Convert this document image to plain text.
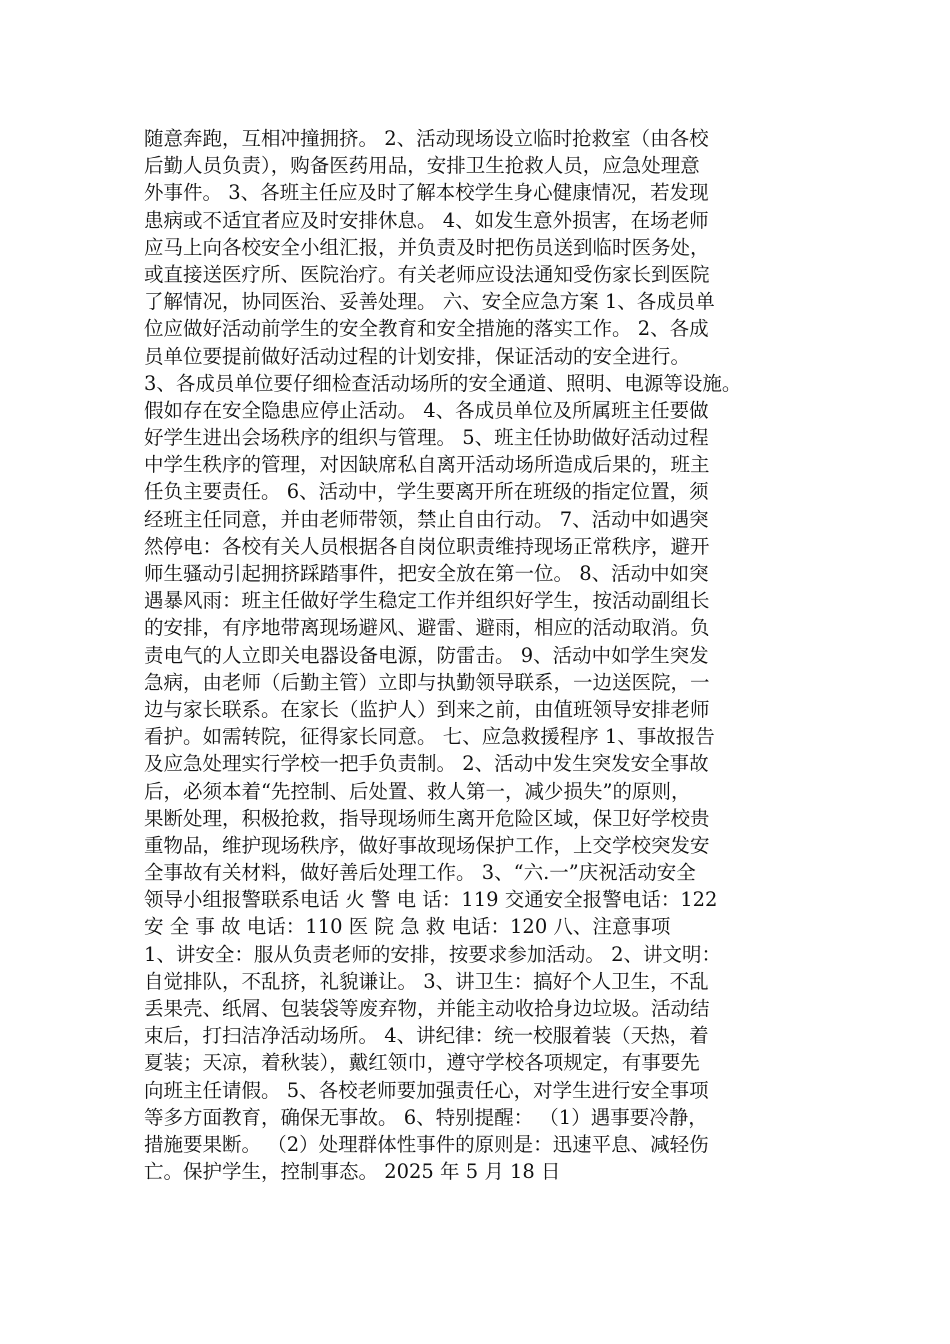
随意奔跑，互相冲撞拥挤。 2、活动现场设立临时抢救室（由各校
后勤人员负责），购备医药用品，安排卫生抢救人员，应急处理意
外事件。 3、各班主任应及时了解本校学生身心健康情况，若发现
患病或不适宜者应及时安排休息。 4、如发生意外损害，在场老师
应马上向各校安全小组汇报，并负责及时把伤员送到临时医务处，
或直接送医疗所、医院治疗。有关老师应设法通知受伤家长到医院
了解情况，协同医治、妥善处理。 六、安全应急方案 1、各成员单
位应做好活动前学生的安全教育和安全措施的落实工作。 2、各成
员单位要提前做好活动过程的计划安排，保证活动的安全进行。
3、各成员单位要仔细检查活动场所的安全通道、照明、电源等设施。
假如存在安全隐患应停止活动。 4、各成员单位及所属班主任要做
好学生进出会场秩序的组织与管理。 5、班主任协助做好活动过程
中学生秩序的管理，对因缺席私自离开活动场所造成后果的，班主
任负主要责任。 6、活动中，学生要离开所在班级的指定位置，须
经班主任同意，并由老师带领，禁止自由行动。 7、活动中如遇突
然停电：各校有关人员根据各自岗位职责维持现场正常秩序，避开
师生骚动引起拥挤踩踏事件，把安全放在第一位。 8、活动中如突
遇暴风雨：班主任做好学生稳定工作并组织好学生，按活动副组长
的安排，有序地带离现场避风、避雷、避雨，相应的活动取消。负
责电气的人立即关电器设备电源，防雷击。 9、活动中如学生突发
急病，由老师（后勤主管）立即与执勤领导联系，一边送医院，一
边与家长联系。在家长（监护人）到来之前，由值班领导安排老师
看护。如需转院，征得家长同意。 七、应急救援程序 1、事故报告
及应急处理实行学校一把手负责制。 2、活动中发生突发安全事故
后，必须本着“先控制、后处置、救人第一，减少损失”的原则，
果断处理，积极抢救，指导现场师生离开危险区域，保卫好学校贵
重物品，维护现场秩序，做好事故现场保护工作，上交学校突发安
全事故有关材料，做好善后处理工作。 3、“六.一”庆祝活动安全
领导小组报警联系电话 火 警 电 话：119 交通安全报警电话：122
安 全 事 故 电话：110 医 院 急 救 电话：120 八、注意事项
1、讲安全：服从负责老师的安排，按要求参加活动。 2、讲文明：
自觉排队，不乱挤，礼貌谦让。 3、讲卫生：搞好个人卫生，不乱
丢果壳、纸屑、包装袋等废弃物，并能主动收拾身边垃圾。活动结
束后，打扫洁净活动场所。 4、讲纪律：统一校服着装（天热，着
夏装；天凉，着秋装），戴红领巾，遵守学校各项规定，有事要先
向班主任请假。 5、各校老师要加强责任心，对学生进行安全事项
等多方面教育，确保无事故。 6、特别提醒： （1）遇事要冷静，
措施要果断。 （2）处理群体性事件的原则是：迅速平息、减轻伤
亡。保护学生，控制事态。 2025 年 5 月 18 日
